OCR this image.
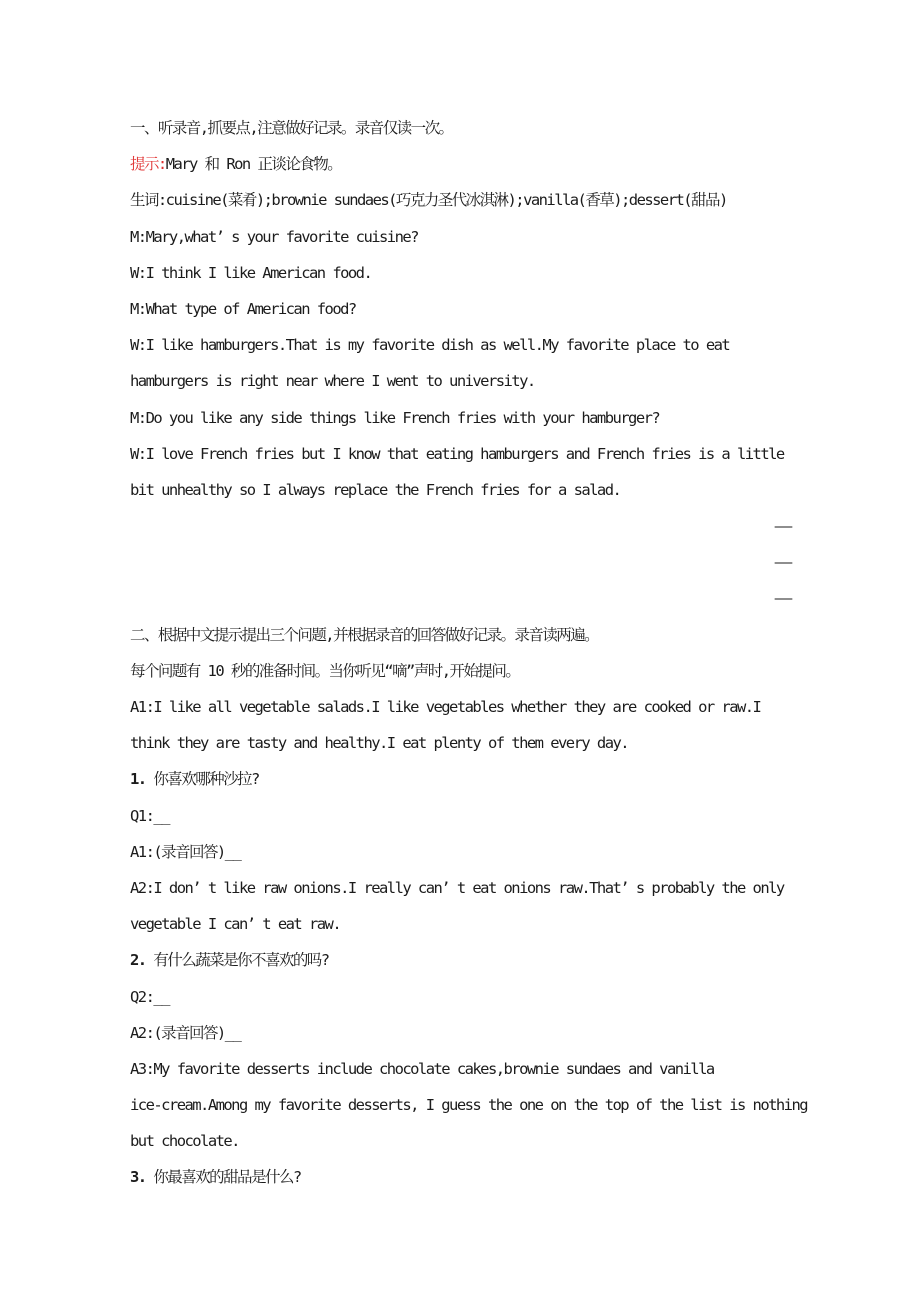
一、听录音,抓要点,注意做好记录。录音仅读一次。
提示:Mary 和 Ron 正谈论食物。
生词:cuisine(菜肴);brownie sundaes(巧克力圣代冰淇淋);vanilla(香草);dessert(甜品)
M:Mary,what’ s your favorite cuisine?
W:I think I like American food.
M:What type of American food?
W:I like hamburgers.That is my favorite dish as well.My favorite place to eat
hamburgers is right near where I went to university.
M:Do you like any side things like French fries with your hamburger?
W:I love French fries but I know that eating hamburgers and French fries is a little
bit unhealthy so I always replace the French fries for a salad.
—
—
—
二、根据中文提示提出三个问题,并根据录音的回答做好记录。录音读两遍。
每个问题有 10 秒的准备时间。当你听见“嘀”声时,开始提问。
A1:I like all vegetable salads.I like vegetables whether they are cooked or raw.I
think they are tasty and healthy.I eat plenty of them every day.
1. 你喜欢哪种沙拉?
Q1:__
A1:(录音回答)__
A2:I don’ t like raw onions.I really can’ t eat onions raw.That’ s probably the only
vegetable I can’ t eat raw.
2. 有什么蔬菜是你不喜欢的吗?
Q2:__
A2:(录音回答)__
A3:My favorite desserts include chocolate cakes,brownie sundaes and vanilla
ice-cream.Among my favorite desserts, I guess the one on the top of the list is nothing
but chocolate.
3. 你最喜欢的甜品是什么?
